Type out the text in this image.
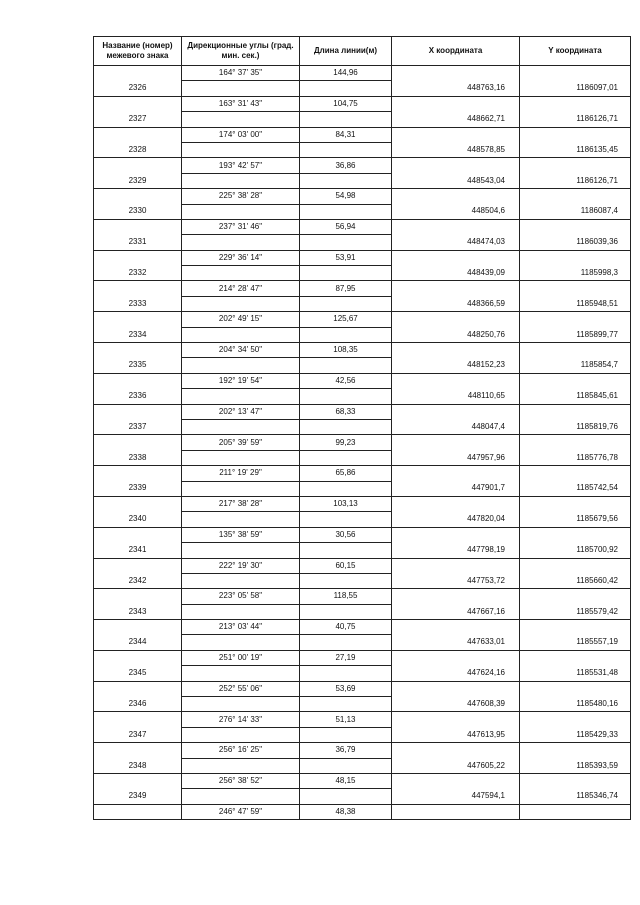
Название (номер) межевого знака	Дирекционные углы (град. мин. сек.)	Длина линии(м)	X координата	Y координата
	164° 37' 35"	144,96		
2326			448763,16	1186097,01
	163° 31' 43"	104,75		
2327			448662,71	1186126,71
	174° 03' 00"	84,31		
2328			448578,85	1186135,45
	193° 42' 57"	36,86		
2329			448543,04	1186126,71
	225° 38' 28"	54,98		
2330			448504,6	1186087,4
	237° 31' 46"	56,94		
2331			448474,03	1186039,36
	229° 36' 14"	53,91		
2332			448439,09	1185998,3
	214° 28' 47"	87,95		
2333			448366,59	1185948,51
	202° 49' 15"	125,67		
2334			448250,76	1185899,77
	204° 34' 50"	108,35		
2335			448152,23	1185854,7
	192° 19' 54"	42,56		
2336			448110,65	1185845,61
	202° 13' 47"	68,33		
2337			448047,4	1185819,76
	205° 39' 59"	99,23		
2338			447957,96	1185776,78
	211° 19' 29"	65,86		
2339			447901,7	1185742,54
	217° 38' 28"	103,13		
2340			447820,04	1185679,56
	135° 38' 59"	30,56		
2341			447798,19	1185700,92
	222° 19' 30"	60,15		
2342			447753,72	1185660,42
	223° 05' 58"	118,55		
2343			447667,16	1185579,42
	213° 03' 44"	40,75		
2344			447633,01	1185557,19
	251° 00' 19"	27,19		
2345			447624,16	1185531,48
	252° 55' 06"	53,69		
2346			447608,39	1185480,16
	276° 14' 33"	51,13		
2347			447613,95	1185429,33
	256° 16' 25"	36,79		
2348			447605,22	1185393,59
	256° 38' 52"	48,15		
2349			447594,1	1185346,74
	246° 47' 59"	48,38		
